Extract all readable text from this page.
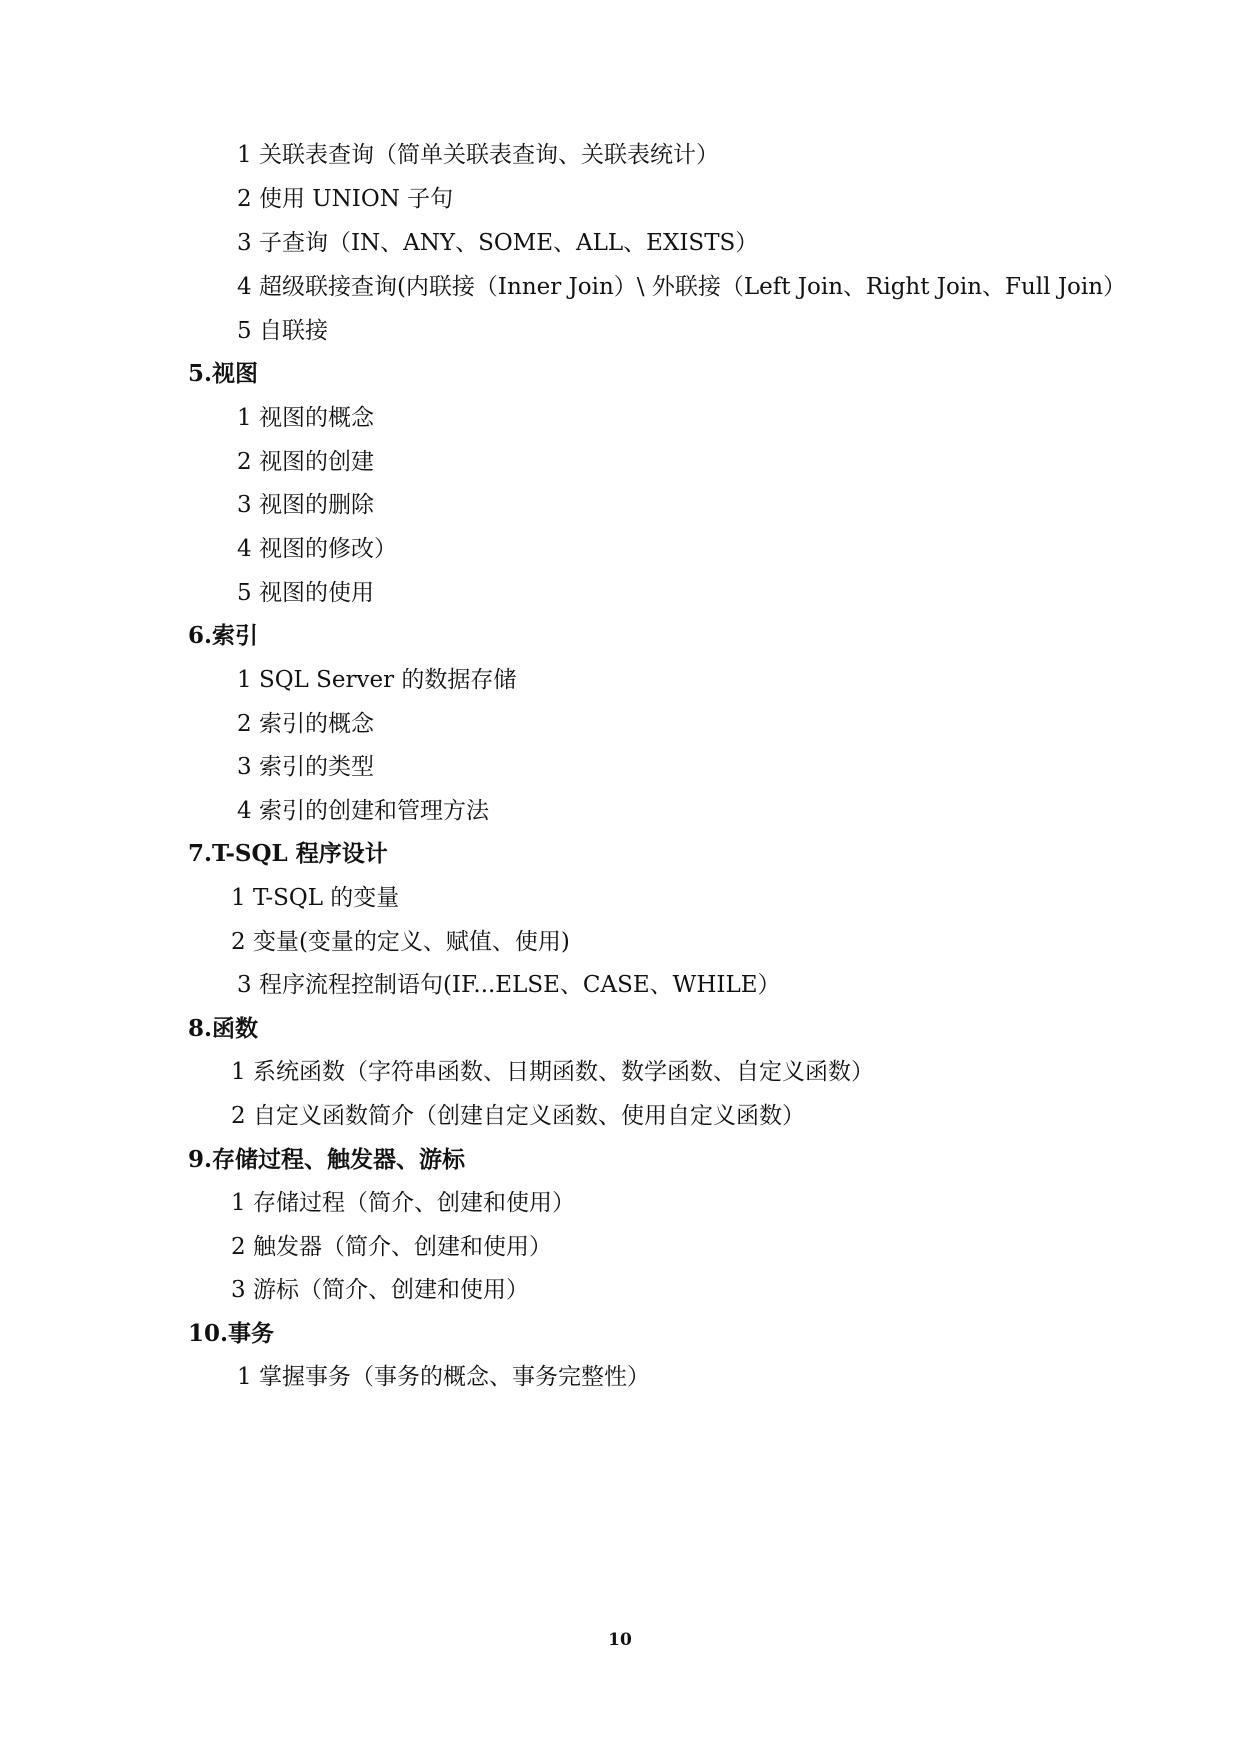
1 关联表查询（简单关联表查询、关联表统计）

2 使用 UNION 子句

3 子查询（IN、ANY、SOME、ALL、EXISTS）

4 超级联接查询(内联接（Inner Join）\ 外联接（Left Join、Right Join、Full Join）

5 自联接

5.视图

1 视图的概念

2 视图的创建

3 视图的删除

4 视图的修改）

5 视图的使用

6.索引

1 SQL Server 的数据存储

2 索引的概念

3 索引的类型

4 索引的创建和管理方法

7.T-SQL 程序设计

1 T-SQL 的变量

2 变量(变量的定义、赋值、使用)

3 程序流程控制语句(IF...ELSE、CASE、WHILE）

8.函数

1 系统函数（字符串函数、日期函数、数学函数、自定义函数）

2 自定义函数简介（创建自定义函数、使用自定义函数）

9.存储过程、触发器、游标

1 存储过程（简介、创建和使用）

2 触发器（简介、创建和使用）

3 游标（简介、创建和使用）

10.事务

1 掌握事务（事务的概念、事务完整性）

10
